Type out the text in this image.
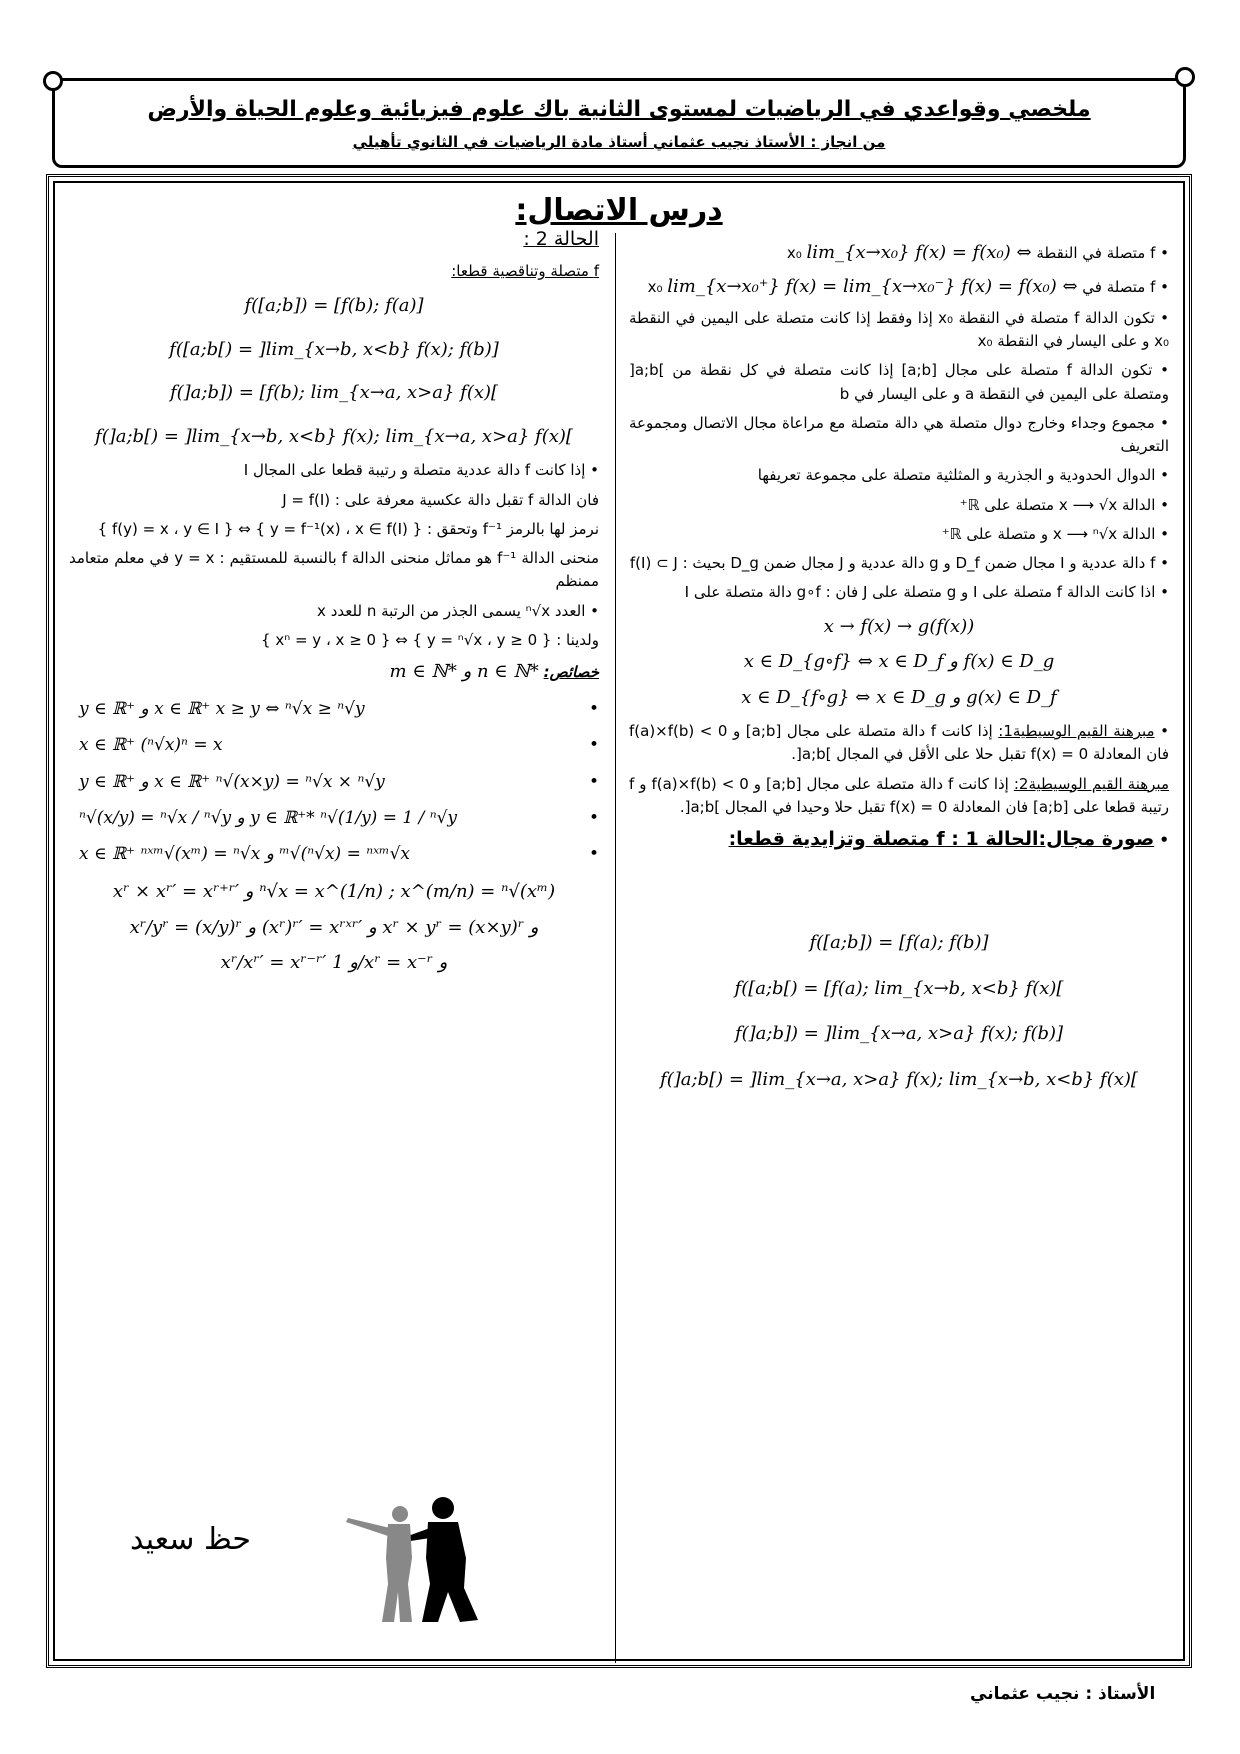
ملخصي وقواعدي في الرياضيات لمستوى الثانية باك علوم فيزيائية وعلوم الحياة والأرض
من انجاز : الأستاذ نجيب عثماني أستاذ مادة الرياضيات في الثانوي تأهيلي
درس الاتصال:
• f متصلة في النقطة x₀ lim_{x→x₀} f(x) = f(x₀) ⇔
• f متصلة في x₀ lim_{x→x₀⁺} f(x) = lim_{x→x₀⁻} f(x) = f(x₀) ⇔
• تكون الدالة f متصلة في النقطة x₀ إذا وفقط إذا كانت متصلة على اليمين في النقطة x₀ و على اليسار في النقطة x₀
• تكون الدالة f متصلة على مجال [a;b] إذا كانت متصلة في كل نقطة من ]a;b[ ومتصلة على اليمين في النقطة a و على اليسار في b
• مجموع وجداء وخارج دوال متصلة هي دالة متصلة مع مراعاة مجال الاتصال ومجموعة التعريف
• الدوال الحدودية و الجذرية و المثلثية متصلة على مجموعة تعريفها
• الدالة x ⟶ √x متصلة على ℝ⁺
• الدالة x ⟶ ⁿ√x و متصلة على ℝ⁺
• f دالة عددية و I مجال ضمن D_f و g دالة عددية و J مجال ضمن D_g بحيث : f(I) ⊂ J
• اذا كانت الدالة f متصلة على I و g متصلة على J فان : g∘f دالة متصلة على I
x → f(x) → g(f(x))
x ∈ D_{g∘f} ⇔ x ∈ D_f و f(x) ∈ D_g
x ∈ D_{f∘g} ⇔ x ∈ D_g و g(x) ∈ D_f
• مبرهنة القيم الوسيطية1: إذا كانت f دالة متصلة على مجال [a;b] و f(a)×f(b) < 0 فان المعادلة f(x) = 0 تقبل حلا على الأقل في المجال ]a;b[.
مبرهنة القيم الوسيطية2: إذا كانت f دالة متصلة على مجال [a;b] و f(a)×f(b) < 0 و f رتيبة قطعا على [a;b] فان المعادلة f(x) = 0 تقبل حلا وحيدا في المجال ]a;b[.
• صورة مجال:الحالة 1 : f متصلة وتزايدية قطعا:
f([a;b]) = [f(a); f(b)]
f([a;b[) = [f(a); lim_{x→b, x<b} f(x)[
f(]a;b]) = ]lim_{x→a, x>a} f(x); f(b)]
f(]a;b[) = ]lim_{x→a, x>a} f(x); lim_{x→b, x<b} f(x)[
الحالة 2 :
f متصلة وتناقصية قطعا:
f([a;b]) = [f(b); f(a)]
f([a;b[) = ]lim_{x→b, x<b} f(x); f(b)]
f(]a;b]) = [f(b); lim_{x→a, x>a} f(x)[
f(]a;b[) = ]lim_{x→b, x<b} f(x); lim_{x→a, x>a} f(x)[
• إذا كانت f دالة عددية متصلة و رتيبة قطعا على المجال I
فان الدالة f تقبل دالة عكسية معرفة على : J = f(I)
نرمز لها بالرمز f⁻¹ وتحقق : { y = f⁻¹(x) ، x ∈ f(I) } ⇔ { f(y) = x ، y ∈ I }
منحنى الدالة f⁻¹ هو مماثل منحنى الدالة f بالنسبة للمستقيم : y = x في معلم متعامد ممنظم
• العدد ⁿ√x يسمى الجذر من الرتبة n للعدد x
ولدينا : { y = ⁿ√x ، y ≥ 0 } ⇔ { xⁿ = y ، x ≥ 0 }
خصائص: m ∈ ℕ* و n ∈ ℕ*
•
y ∈ ℝ⁺ و x ∈ ℝ⁺ x ≥ y ⇔ ⁿ√x ≥ ⁿ√y
•
x ∈ ℝ⁺ (ⁿ√x)ⁿ = x
•
y ∈ ℝ⁺ و x ∈ ℝ⁺ ⁿ√(x×y) = ⁿ√x × ⁿ√y
•
ⁿ√(x/y) = ⁿ√x / ⁿ√y و y ∈ ℝ⁺* ⁿ√(1/y) = 1 / ⁿ√y
•
x ∈ ℝ⁺ ⁿˣᵐ√(xᵐ) = ⁿ√x و ᵐ√(ⁿ√x) = ⁿˣᵐ√x
xʳ × xʳ′ = xʳ⁺ʳ′ و ⁿ√x = x^(1/n) ; x^(m/n) = ⁿ√(xᵐ)
xʳ/yʳ = (x/y)ʳ و (xʳ)ʳ′ = xʳˣʳ′ و xʳ × yʳ = (x×y)ʳ و
xʳ/xʳ′ = xʳ⁻ʳ′ و 1/xʳ = x⁻ʳ و
حظ سعيد
الأستاذ : نجيب عثماني
